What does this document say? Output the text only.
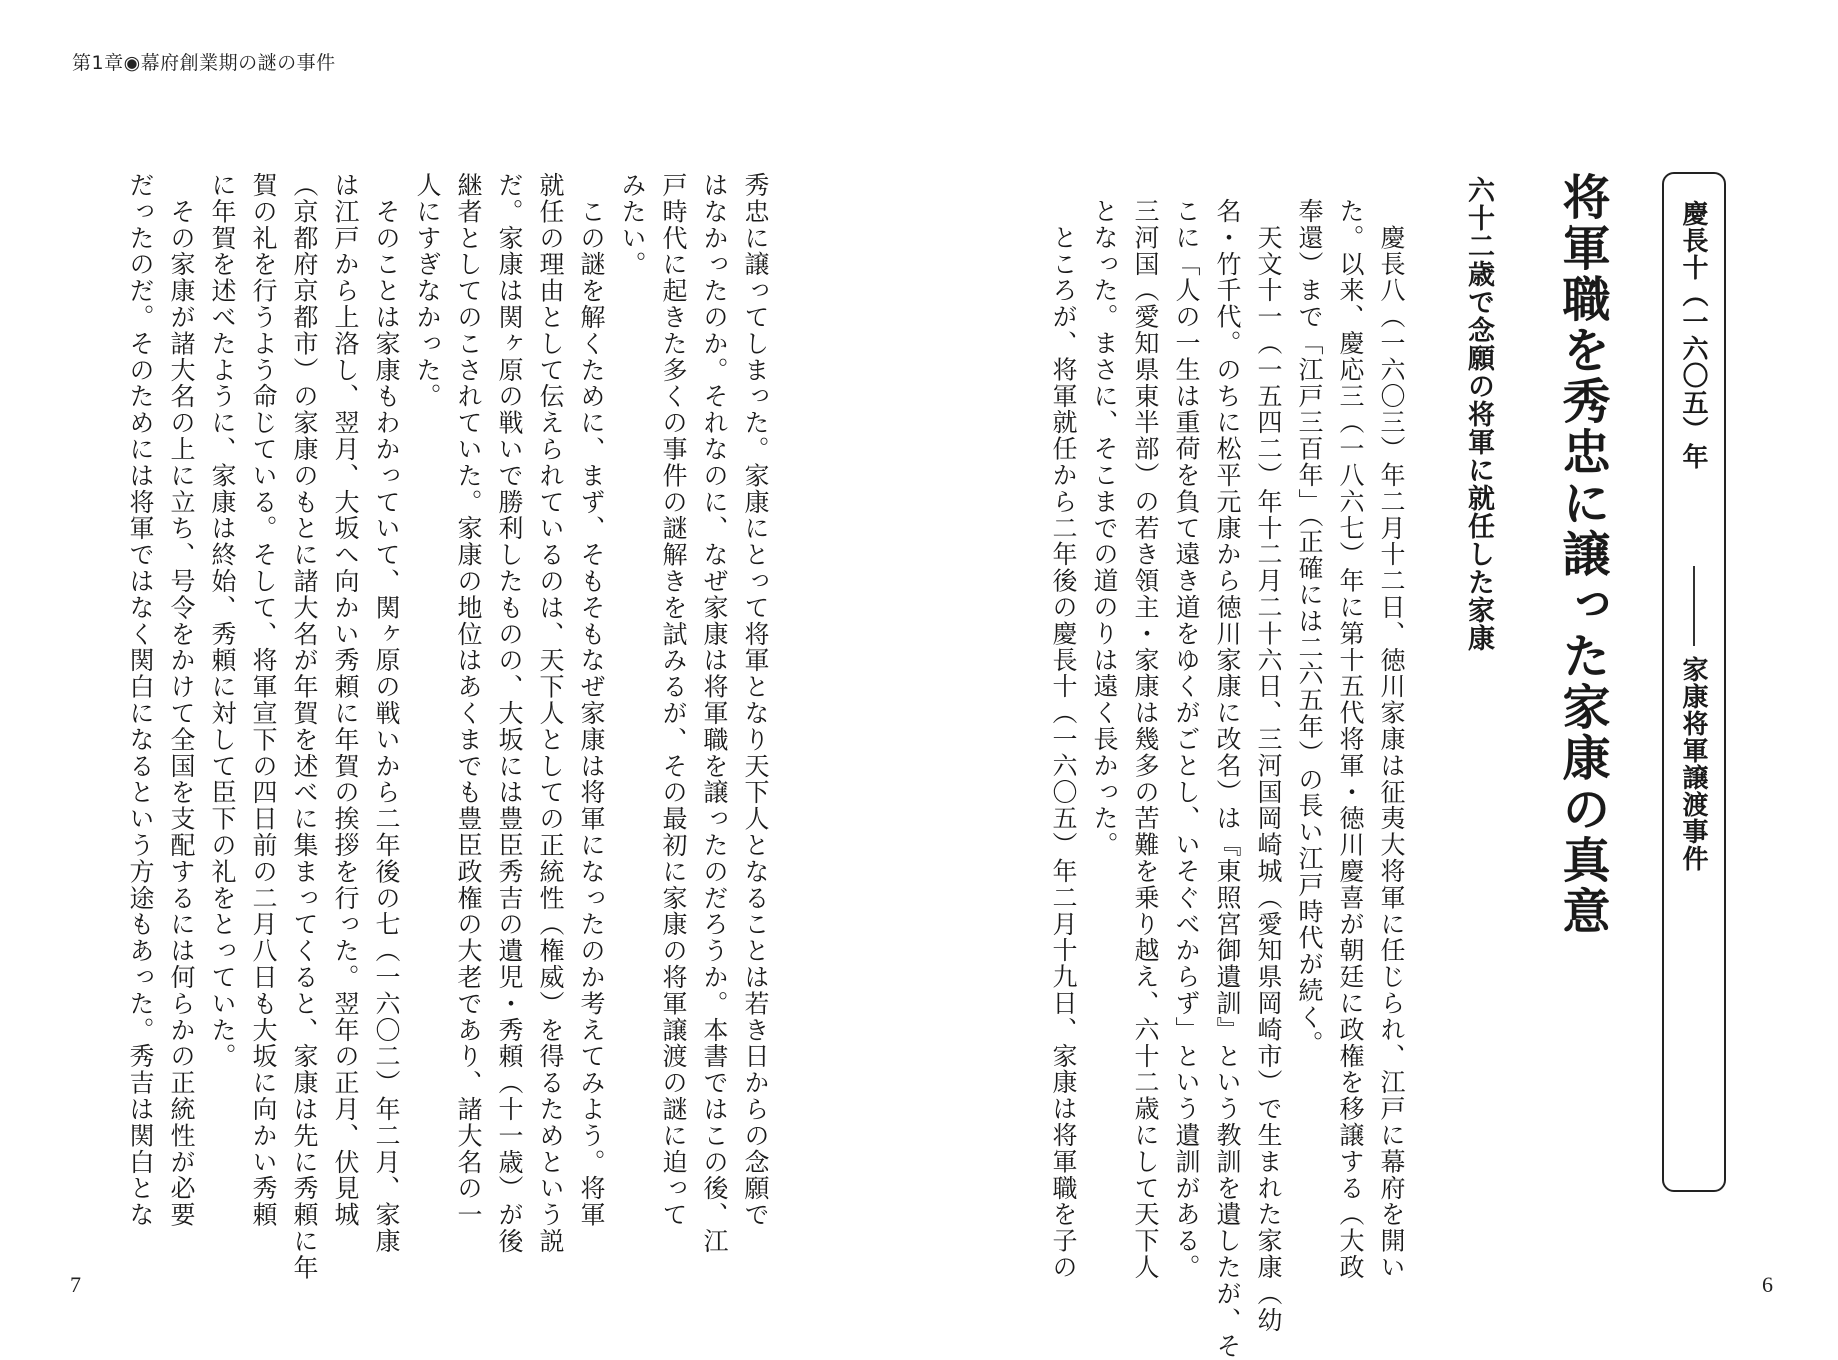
第1章◉幕府創業期の謎の事件
慶長十（一六〇五）年
家康将軍譲渡事件
将軍職を秀忠に譲った家康の真意
六十二歳で念願の将軍に就任した家康

　慶長八（一六〇三）年二月十二日、徳川家康は征夷大将軍に任じられ、江戸に幕府を開い
た。以来、慶応三（一八六七）年に第十五代将軍・徳川慶喜が朝廷に政権を移譲する（大政
奉還）まで「江戸三百年」（正確には二六五年）の長い江戸時代が続く。
　天文十一（一五四二）年十二月二十六日、三河国岡崎城（愛知県岡崎市）で生まれた家康（幼
名・竹千代。のちに松平元康から徳川家康に改名）は『東照宮御遺訓』という教訓を遺したが、そ
こに「人の一生は重荷を負て遠き道をゆくがごとし、いそぐべからず」という遺訓がある。
三河国（愛知県東半部）の若き領主・家康は幾多の苦難を乗り越え、六十二歳にして天下人
となった。まさに、そこまでの道のりは遠く長かった。
　ところが、将軍就任から二年後の慶長十（一六〇五）年二月十九日、家康は将軍職を子の

秀忠に譲ってしまった。家康にとって将軍となり天下人となることは若き日からの念願で
はなかったのか。それなのに、なぜ家康は将軍職を譲ったのだろうか。本書ではこの後、江
戸時代に起きた多くの事件の謎解きを試みるが、その最初に家康の将軍譲渡の謎に迫って
みたい。
　この謎を解くために、まず、そもそもなぜ家康は将軍になったのか考えてみよう。将軍
就任の理由として伝えられているのは、天下人としての正統性（権威）を得るためという説
だ。家康は関ヶ原の戦いで勝利したものの、大坂には豊臣秀吉の遺児・秀頼（十一歳）が後
継者としてのこされていた。家康の地位はあくまでも豊臣政権の大老であり、諸大名の一
人にすぎなかった。
　そのことは家康もわかっていて、関ヶ原の戦いから二年後の七（一六〇二）年二月、家康
は江戸から上洛し、翌月、大坂へ向かい秀頼に年賀の挨拶を行った。翌年の正月、伏見城
（京都府京都市）の家康のもとに諸大名が年賀を述べに集まってくると、家康は先に秀頼に年
賀の礼を行うよう命じている。そして、将軍宣下の四日前の二月八日も大坂に向かい秀頼
に年賀を述べたように、家康は終始、秀頼に対して臣下の礼をとっていた。
　その家康が諸大名の上に立ち、号令をかけて全国を支配するには何らかの正統性が必要
だったのだ。そのためには将軍ではなく関白になるという方途もあった。秀吉は関白とな

7	6
